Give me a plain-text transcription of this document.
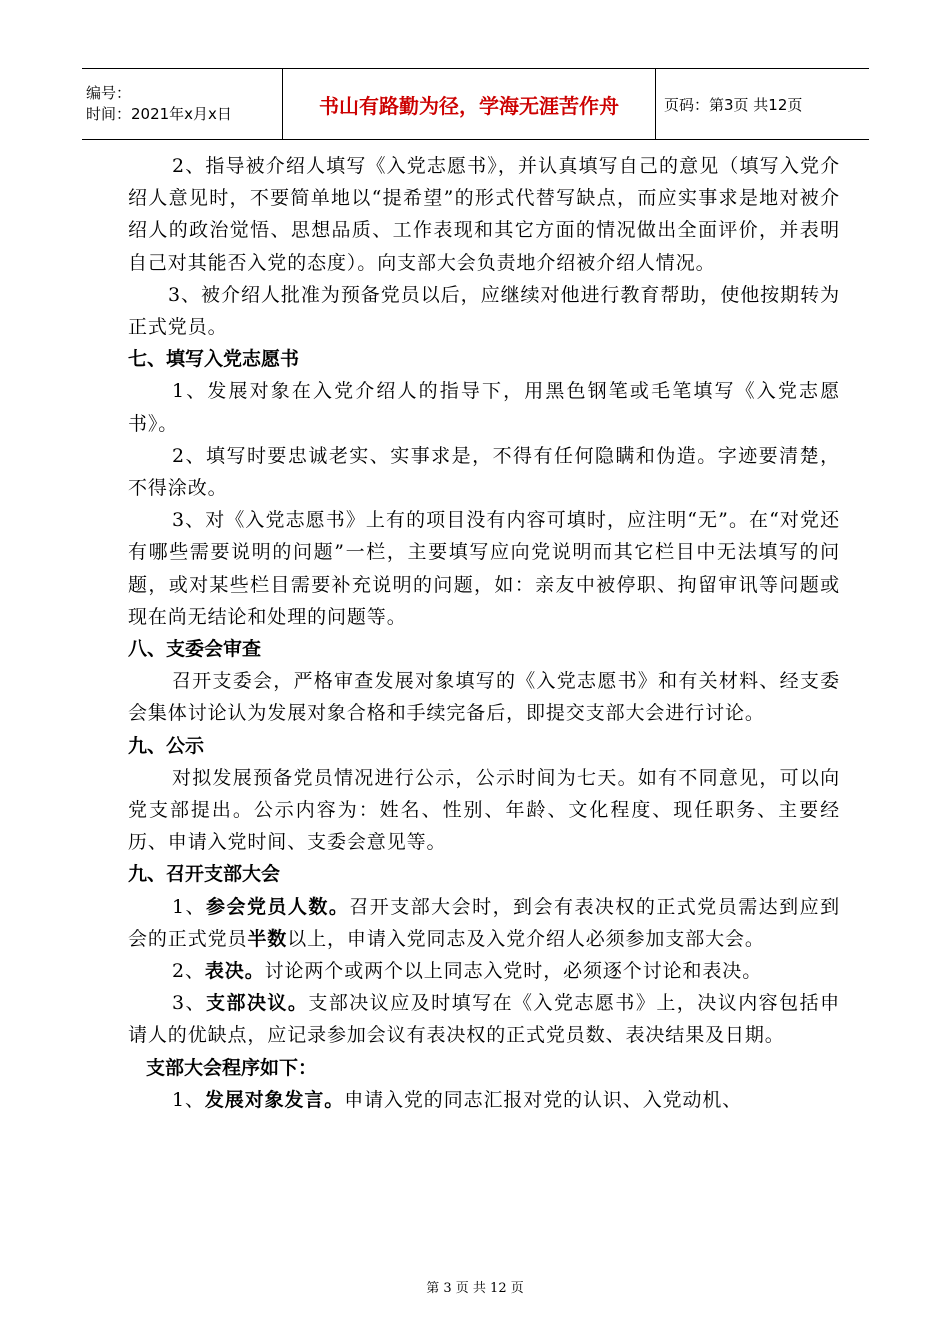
编号：
时间：2021年x月x日	书山有路勤为径，学海无涯苦作舟	页码：第3页 共12页

2、指导被介绍人填写《入党志愿书》，并认真填写自己的意见（填写入党介绍人意见时，不要简单地以“提希望”的形式代替写缺点，而应实事求是地对被介绍人的政治觉悟、思想品质、工作表现和其它方面的情况做出全面评价，并表明自己对其能否入党的态度）。向支部大会负责地介绍被介绍人情况。

3、被介绍人批准为预备党员以后，应继续对他进行教育帮助，使他按期转为正式党员。

七、填写入党志愿书

1、发展对象在入党介绍人的指导下，用黑色钢笔或毛笔填写《入党志愿书》。

2、填写时要忠诚老实、实事求是，不得有任何隐瞒和伪造。字迹要清楚，不得涂改。

3、对《入党志愿书》上有的项目没有内容可填时，应注明“无”。在“对党还有哪些需要说明的问题”一栏，主要填写应向党说明而其它栏目中无法填写的问题，或对某些栏目需要补充说明的问题，如：亲友中被停职、拘留审讯等问题或现在尚无结论和处理的问题等。

八、支委会审查

召开支委会，严格审查发展对象填写的《入党志愿书》和有关材料、经支委会集体讨论认为发展对象合格和手续完备后，即提交支部大会进行讨论。

九、公示

对拟发展预备党员情况进行公示，公示时间为七天。如有不同意见，可以向党支部提出。公示内容为：姓名、性别、年龄、文化程度、现任职务、主要经历、申请入党时间、支委会意见等。

九、召开支部大会

1、参会党员人数。召开支部大会时，到会有表决权的正式党员需达到应到会的正式党员半数以上，申请入党同志及入党介绍人必须参加支部大会。

2、表决。讨论两个或两个以上同志入党时，必须逐个讨论和表决。

3、支部决议。支部决议应及时填写在《入党志愿书》上，决议内容包括申请人的优缺点，应记录参加会议有表决权的正式党员数、表决结果及日期。

支部大会程序如下：

1、发展对象发言。申请入党的同志汇报对党的认识、入党动机、

第 3 页 共 12 页
